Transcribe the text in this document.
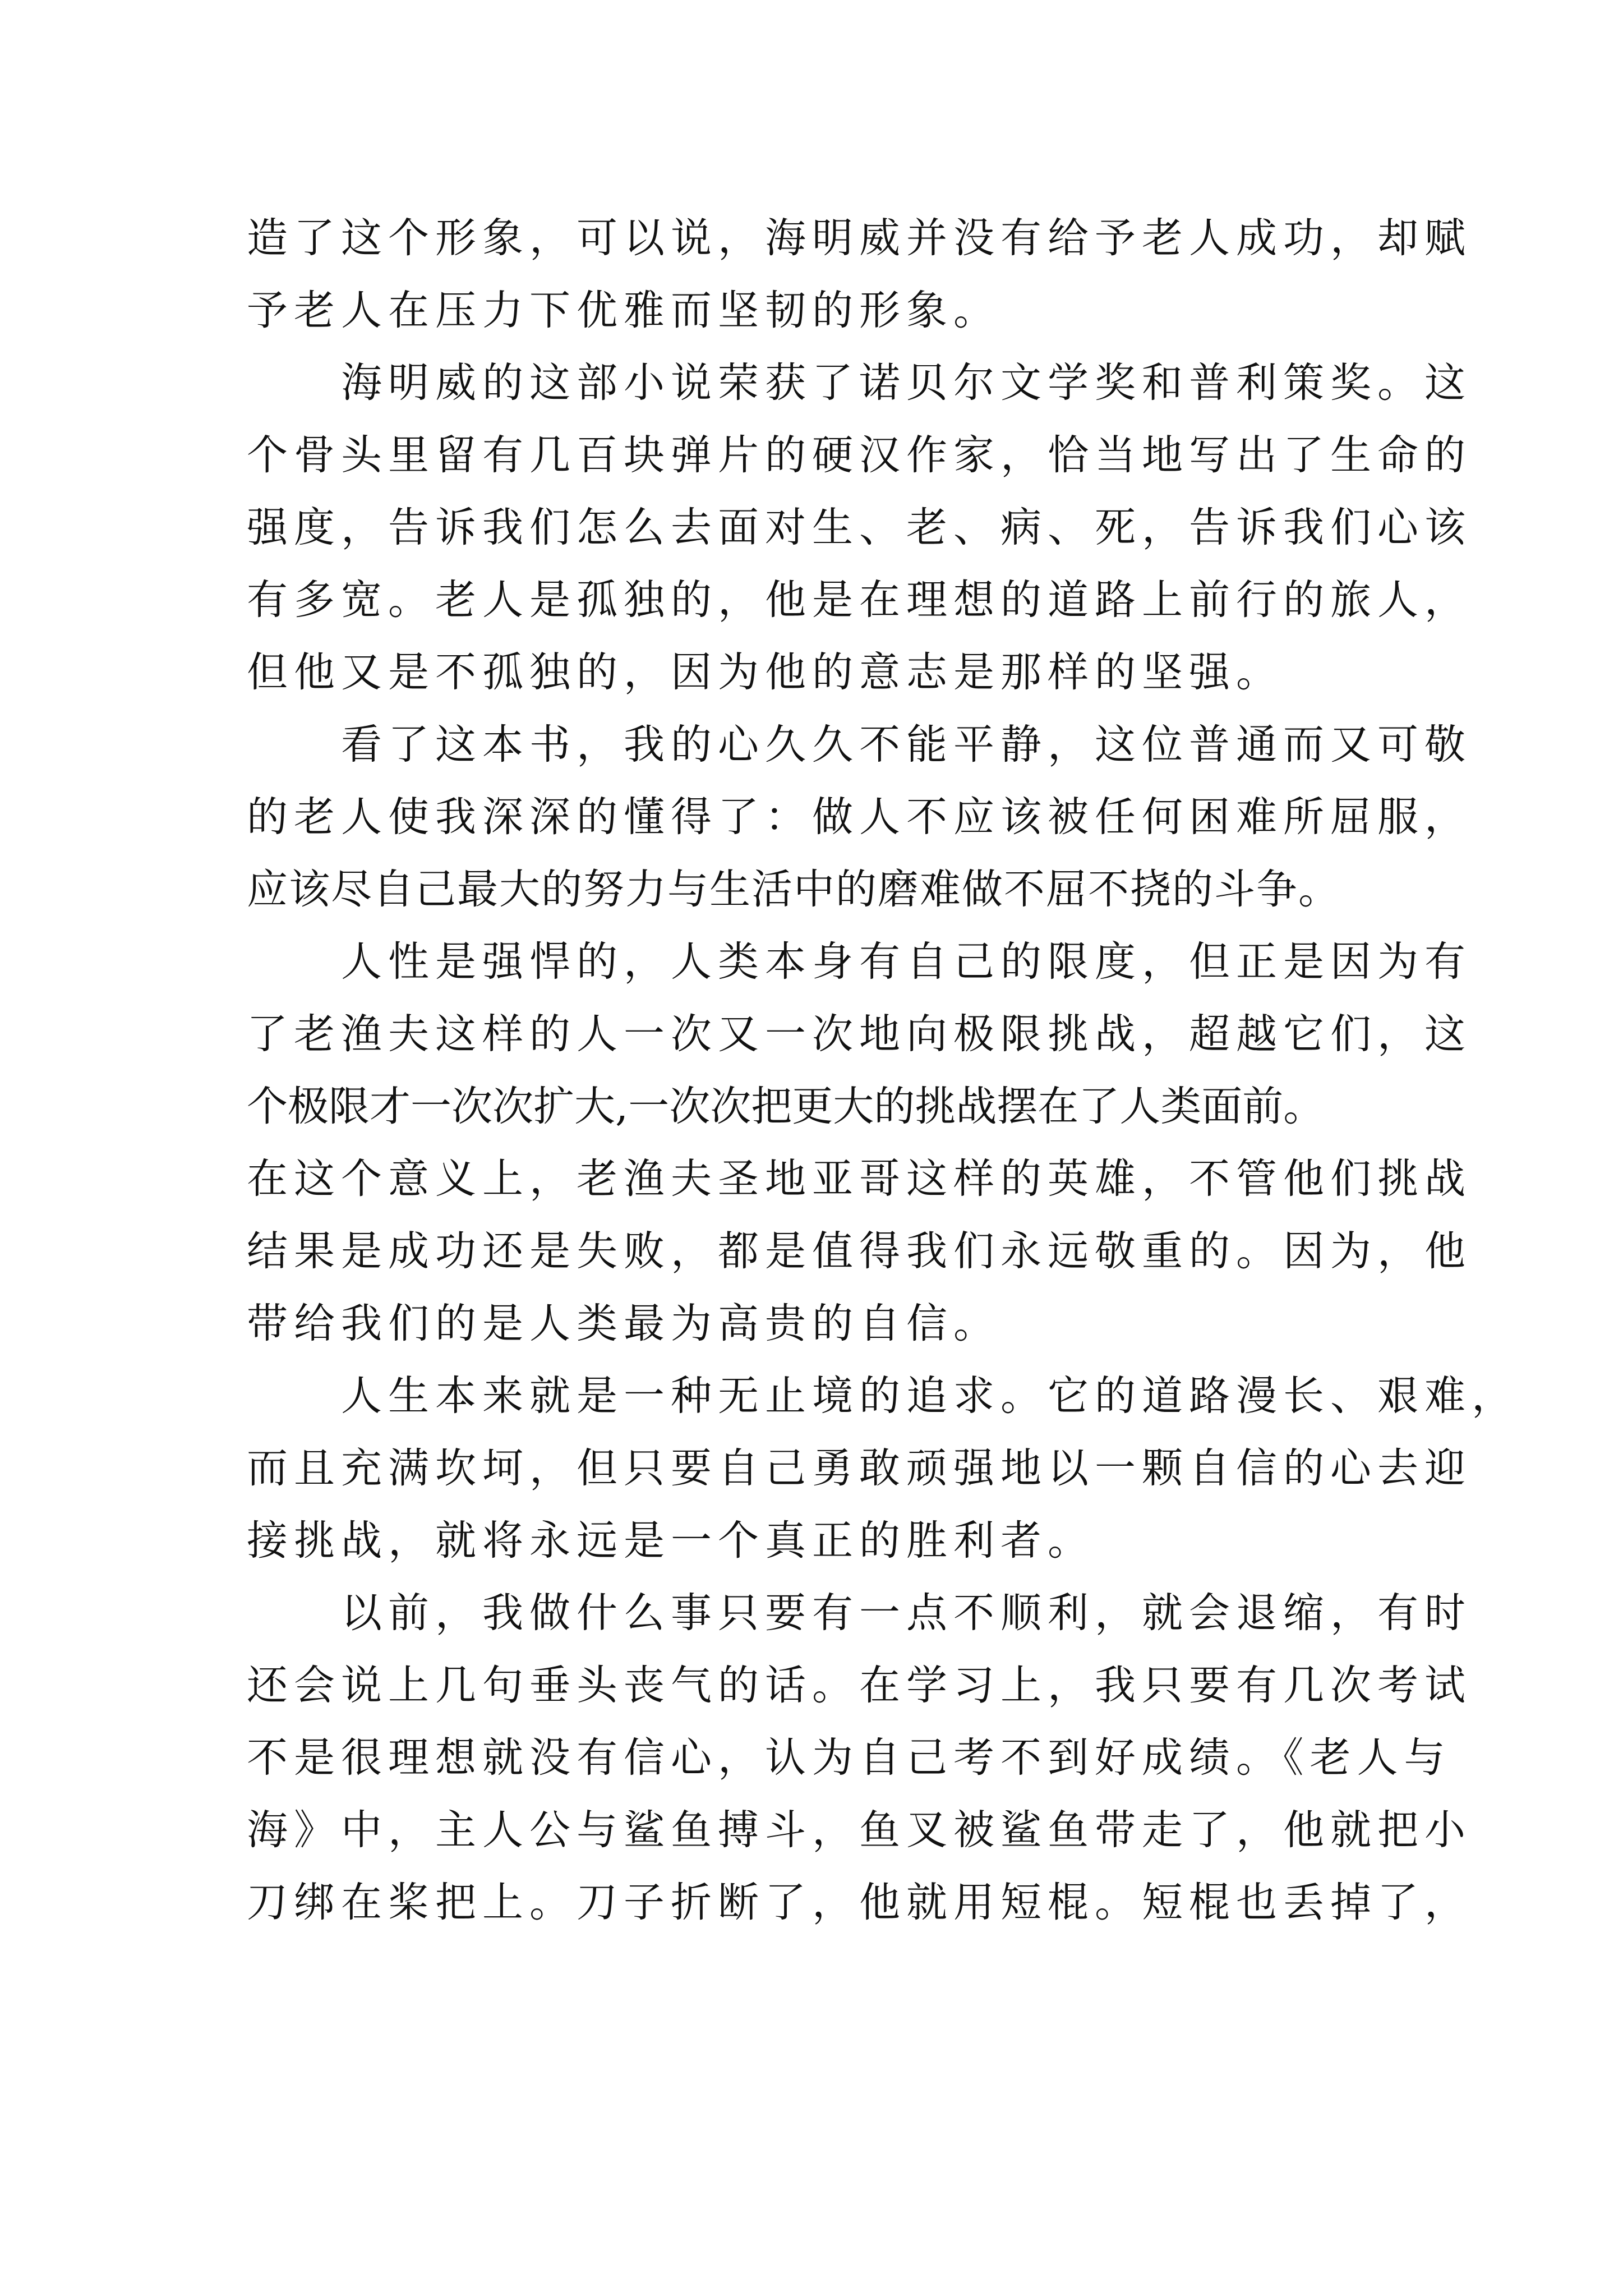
造了这个形象，可以说，海明威并没有给予老人成功，却赋
予老人在压力下优雅而坚韧的形象。
海明威的这部小说荣获了诺贝尔文学奖和普利策奖。这
个骨头里留有几百块弹片的硬汉作家，恰当地写出了生命的
强度，告诉我们怎么去面对生、老、病、死，告诉我们心该
有多宽。老人是孤独的，他是在理想的道路上前行的旅人，
但他又是不孤独的，因为他的意志是那样的坚强。
看了这本书，我的心久久不能平静，这位普通而又可敬
的老人使我深深的懂得了：做人不应该被任何困难所屈服，
应该尽自己最大的努力与生活中的磨难做不屈不挠的斗争。
人性是强悍的，人类本身有自己的限度，但正是因为有
了老渔夫这样的人一次又一次地向极限挑战，超越它们，这
个极限才一次次扩大,一次次把更大的挑战摆在了人类面前。
在这个意义上，老渔夫圣地亚哥这样的英雄，不管他们挑战
结果是成功还是失败，都是值得我们永远敬重的。因为，他
带给我们的是人类最为高贵的自信。
人生本来就是一种无止境的追求。它的道路漫长、艰难，
而且充满坎坷，但只要自己勇敢顽强地以一颗自信的心去迎
接挑战，就将永远是一个真正的胜利者。
以前，我做什么事只要有一点不顺利，就会退缩，有时
还会说上几句垂头丧气的话。在学习上，我只要有几次考试
不是很理想就没有信心，认为自己考不到好成绩。《老人与
海》中，主人公与鲨鱼搏斗，鱼叉被鲨鱼带走了，他就把小
刀绑在桨把上。刀子折断了，他就用短棍。短棍也丢掉了，
